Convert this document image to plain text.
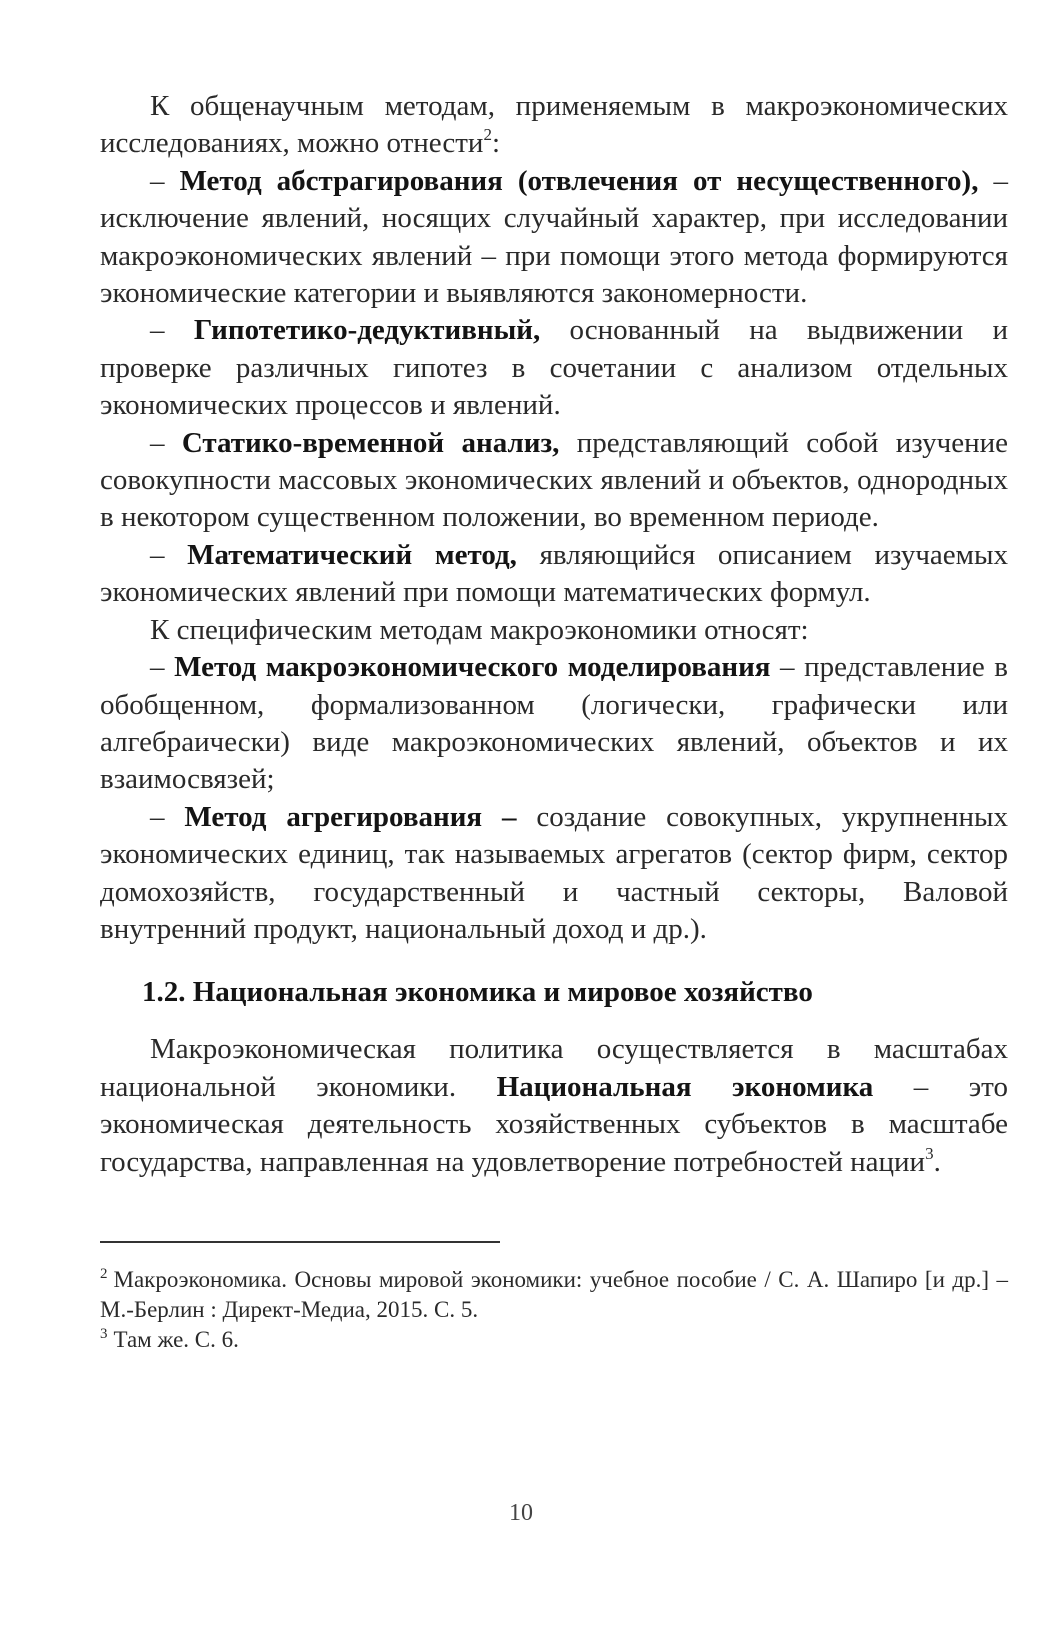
К общенаучным методам, применяемым в макроэкономических исследованиях, можно отнести$^2$:

– Метод абстрагирования (отвлечения от несущественного), – исключение явлений, носящих случайный характер, при исследовании макроэкономических явлений – при помощи этого метода формируются экономические категории и выявляются закономерности.

– Гипотетико-дедуктивный, основанный на выдвижении и проверке различных гипотез в сочетании с анализом отдельных экономических процессов и явлений.

– Статико-временной анализ, представляющий собой изучение совокупности массовых экономических явлений и объектов, однородных в некотором существенном положении, во временном периоде.

– Математический метод, являющийся описанием изучаемых экономических явлений при помощи математических формул.

К специфическим методам макроэкономики относят:

– Метод макроэкономического моделирования – представление в обобщенном, формализованном (логически, графически или алгебраически) виде макроэкономических явлений, объектов и их взаимосвязей;

– Метод агрегирования – создание совокупных, укрупненных экономических единиц, так называемых агрегатов (сектор фирм, сектор домохозяйств, государственный и частный секторы, Валовой внутренний продукт, национальный доход и др.).

1.2. Национальная экономика и мировое хозяйство

Макроэкономическая политика осуществляется в масштабах национальной экономики. Национальная экономика – это экономическая деятельность хозяйственных субъектов в масштабе государства, направленная на удовлетворение потребностей нации$^3$.

$^2$ Макроэкономика. Основы мировой экономики: учебное пособие / С. А. Шапиро [и др.] – М.-Берлин : Директ-Медиа, 2015. С. 5.
$^3$ Там же. С. 6.
10
